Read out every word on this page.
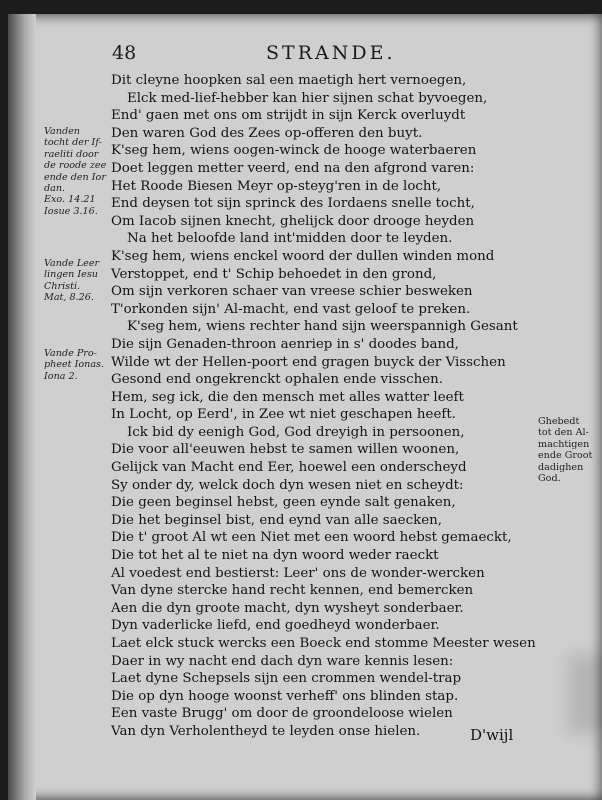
48	STRANDE.
Dit cleyne hoopken sal een maetigh hert vernoegen,
Elck med-lief-hebber kan hier sijnen schat byvoegen,
End' gaen met ons om strijdt in sijn Kerck overluydt
Den waren God des Zees op-offeren den buyt.
K'seg hem, wiens oogen-winck de hooge waterbaeren
Doet leggen metter veerd, end na den afgrond varen:
Het Roode Biesen Meyr op-steyg'ren in de locht,
End deysen tot sijn sprinck des Iordaens snelle tocht,
Om Iacob sijnen knecht, ghelijck door drooge heyden
Na het beloofde land int'midden door te leyden.
K'seg hem, wiens enckel woord der dullen winden mond
Verstoppet, end t' Schip behoedet in den grond,
Om sijn verkoren schaer van vreese schier besweken
T'orkonden sijn' Al-macht, end vast geloof te preken.
K'seg hem, wiens rechter hand sijn weerspannigh Gesant
Die sijn Genaden-throon aenriep in s' doodes band,
Wilde wt der Hellen-poort end gragen buyck der Visschen
Gesond end ongekrenckt ophalen ende visschen.
Hem, seg ick, die den mensch met alles watter leeft
In Locht, op Eerd', in Zee wt niet geschapen heeft.
Ick bid dy eenigh God, God dreyigh in persoonen,
Die voor all'eeuwen hebst te samen willen woonen,
Gelijck van Macht end Eer, hoewel een onderscheyd
Sy onder dy, welck doch dyn wesen niet en scheydt:
Die geen beginsel hebst, geen eynde salt genaken,
Die het beginsel bist, end eynd van alle saecken,
Die t' groot Al wt een Niet met een woord hebst gemaeckt,
Die tot het al te niet na dyn woord weder raeckt
Al voedest end bestierst: Leer' ons de wonder-wercken
Van dyne stercke hand recht kennen, end bemercken
Aen die dyn groote macht, dyn wysheyt sonderbaer.
Dyn vaderlicke liefd, end goedheyd wonderbaer.
Laet elck stuck wercks een Boeck end stomme Meester wesen
Daer in wy nacht end dach dyn ware kennis lesen:
Laet dyne Schepsels sijn een crommen wendel-trap
Die op dyn hooge woonst verheff' ons blinden stap.
Een vaste Brugg' om door de groondeloose wielen
Van dyn Verholentheyd te leyden onse hielen.
Vanden
tocht der If-
raeliti door
de roode zee
ende den Ior
dan.
Exo. 14.21
Iosue 3.16.
Vande Leer
lingen Iesu
Christi.
Mat, 8.26.
Vande Pro-
pheet Ionas.
Iona 2.
Ghebedt
tot den Al-
machtigen
ende Groot
dadighen
God.
D'wijl
